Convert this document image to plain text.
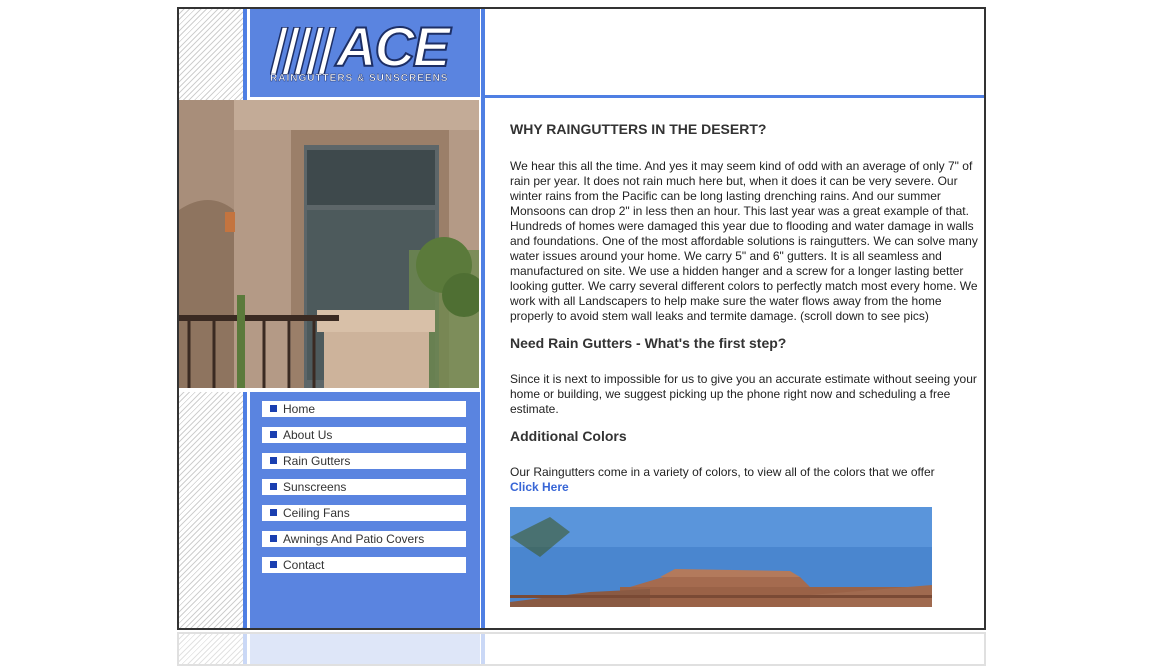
ACE
RAINGUTTERS & SUNSCREENS
Home
About Us
Rain Gutters
Sunscreens
Ceiling Fans
Awnings And Patio Covers
Contact
WHY RAINGUTTERS IN THE DESERT?

We hear this all the time. And yes it may seem kind of odd with an average of only 7" of rain per year. It does not rain much here but, when it does it can be very severe. Our winter rains from the Pacific can be long lasting drenching rains. And our summer Monsoons can drop 2" in less then an hour. This last year was a great example of that. Hundreds of homes were damaged this year due to flooding and water damage in walls and foundations. One of the most affordable solutions is raingutters. We can solve many water issues around your home. We carry 5" and 6" gutters. It is all seamless and manufactured on site. We use a hidden hanger and a screw for a longer lasting better looking gutter. We carry several different colors to perfectly match most every home. We work with all Landscapers to help make sure the water flows away from the home properly to avoid stem wall leaks and termite damage. (scroll down to see pics)

Need Rain Gutters - What's the first step?

Since it is next to impossible for us to give you an accurate estimate without seeing your home or building, we suggest picking up the phone right now and scheduling a free estimate.

Additional Colors

Our Raingutters come in a variety of colors, to view all of the colors that we offer

Click Here
